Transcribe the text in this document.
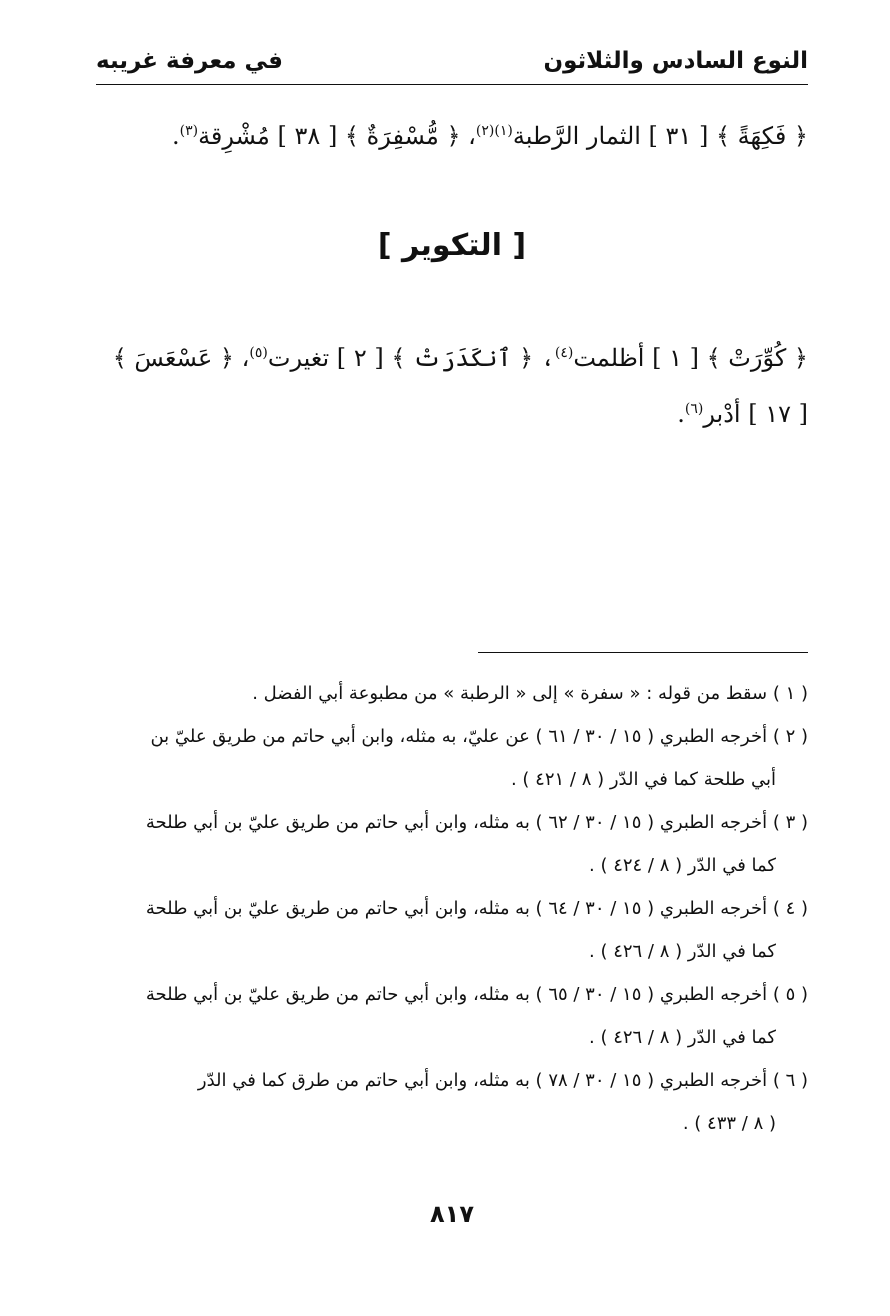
النوع السادس والثلاثون
في معرفة غريبه
﴿ فَكِهَةً ﴾ [ ٣١ ] الثمار الرَّطبة$^{(١)(٢)}$، ﴿ مُّسْفِرَةٌ ﴾ [ ٣٨ ] مُشْرِقة$^{(٣)}$.
[ التكوير ]
﴿ كُوِّرَتْ ﴾ [ ١ ] أظلمت$^{(٤)}$، ﴿ ٱنكَدَرَتْ ﴾ [ ٢ ] تغيرت$^{(٥)}$، ﴿ عَسْعَسَ ﴾
[ ١٧ ] أدْبر$^{(٦)}$.

( ١ ) سقط من قوله : « سفرة » إلى « الرطبة » من مطبوعة أبي الفضل .

( ٢ ) أخرجه الطبري ( ١٥ / ٣٠ / ٦١ ) عن عليّ، به مثله، وابن أبي حاتم من طريق عليّ بن
أبي طلحة كما في الدّر ( ٨ / ٤٢١ ) .

( ٣ ) أخرجه الطبري ( ١٥ / ٣٠ / ٦٢ ) به مثله، وابن أبي حاتم من طريق عليّ بن أبي طلحة
كما في الدّر ( ٨ / ٤٢٤ ) .

( ٤ ) أخرجه الطبري ( ١٥ / ٣٠ / ٦٤ ) به مثله، وابن أبي حاتم من طريق عليّ بن أبي طلحة
كما في الدّر ( ٨ / ٤٢٦ ) .

( ٥ ) أخرجه الطبري ( ١٥ / ٣٠ / ٦٥ ) به مثله، وابن أبي حاتم من طريق عليّ بن أبي طلحة
كما في الدّر ( ٨ / ٤٢٦ ) .

( ٦ ) أخرجه الطبري ( ١٥ / ٣٠ / ٧٨ ) به مثله، وابن أبي حاتم من طرق كما في الدّر
( ٨ / ٤٣٣ ) .

٨١٧
